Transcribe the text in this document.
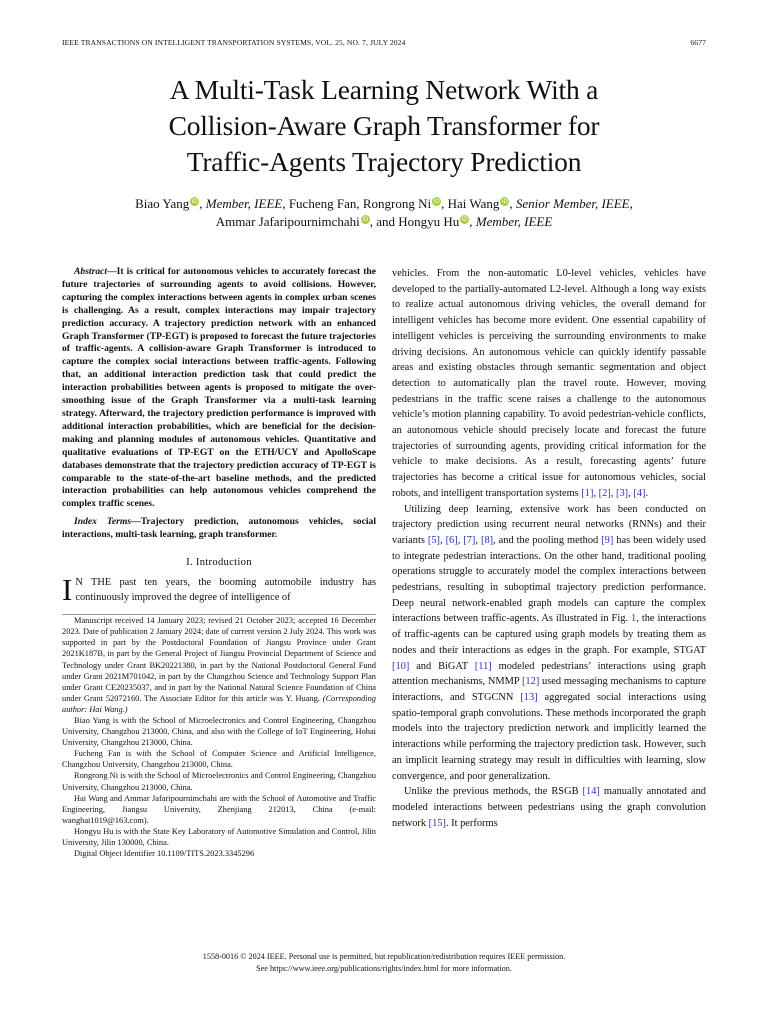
IEEE TRANSACTIONS ON INTELLIGENT TRANSPORTATION SYSTEMS, VOL. 25, NO. 7, JULY 2024	6677
A Multi-Task Learning Network With a
Collision-Aware Graph Transformer for
Traffic-Agents Trajectory Prediction
Biao Yang iD, Member, IEEE, Fucheng Fan, Rongrong Ni iD, Hai Wang iD, Senior Member, IEEE,
Ammar Jafaripournimchahi iD, and Hongyu Hu iD, Member, IEEE

Abstract—It is critical for autonomous vehicles to accurately forecast the future trajectories of surrounding agents to avoid collisions. However, capturing the complex interactions between agents in complex urban scenes is challenging. As a result, complex interactions may impair trajectory prediction accuracy. A trajectory prediction network with an enhanced Graph Transformer (TP-EGT) is proposed to forecast the future trajectories of traffic-agents. A collision-aware Graph Transformer is introduced to capture the complex social interactions between traffic-agents. Following that, an additional interaction prediction task that could predict the interaction probabilities between agents is proposed to mitigate the over-smoothing issue of the Graph Transformer via a multi-task learning strategy. Afterward, the trajectory prediction performance is improved with additional interaction probabilities, which are beneficial for the decision-making and planning modules of autonomous vehicles. Quantitative and qualitative evaluations of TP-EGT on the ETH/UCY and ApolloScape databases demonstrate that the trajectory prediction accuracy of TP-EGT is comparable to the state-of-the-art baseline methods, and the predicted interaction probabilities can help autonomous vehicles comprehend the complex traffic scenes.

Index Terms—Trajectory prediction, autonomous vehicles, social interactions, multi-task learning, graph transformer.

I. Introduction

I N THE past ten years, the booming automobile industry has continuously improved the degree of intelligence of

Manuscript received 14 January 2023; revised 21 October 2023; accepted 16 December 2023. Date of publication 2 January 2024; date of current version 2 July 2024. This work was supported in part by the Postdoctoral Foundation of Jiangsu Province under Grant 2021K187B, in part by the General Project of Jiangsu Provincial Department of Science and Technology under Grant BK20221380, in part by the National Postdoctoral General Fund under Grant 2021M701042, in part by the Changzhou Science and Technology Support Plan under Grant CE20235037, and in part by the National Natural Science Foundation of China under Grant 52072160. The Associate Editor for this article was Y. Huang. (Corresponding author: Hai Wang.)

Biao Yang is with the School of Microelectronics and Control Engineering, Changzhou University, Changzhou 213000, China, and also with the College of IoT Engineering, Hohai University, Changzhou 213000, China.

Fucheng Fan is with the School of Computer Science and Artificial Intelligence, Changzhou University, Changzhou 213000, China.

Rongrong Ni is with the School of Microelectronics and Control Engineering, Changzhou University, Changzhou 213000, China.

Hai Wang and Ammar Jafaripournimchahi are with the School of Automotive and Traffic Engineering, Jiangsu University, Zhenjiang 212013, China (e-mail: wanghai1019@163.com).

Hongyu Hu is with the State Key Laboratory of Automotive Simulation and Control, Jilin University, Jilin 130000, China.

Digital Object Identifier 10.1109/TITS.2023.3345296

vehicles. From the non-automatic L0-level vehicles, vehicles have developed to the partially-automated L2-level. Although a long way exists to realize actual autonomous driving vehicles, the overall demand for intelligent vehicles has become more evident. One essential capability of intelligent vehicles is perceiving the surrounding environments to make driving decisions. An autonomous vehicle can quickly identify passable areas and existing obstacles through semantic segmentation and object detection to automatically plan the travel route. However, moving pedestrians in the traffic scene raises a challenge to the autonomous vehicle’s motion planning capability. To avoid pedestrian-vehicle conflicts, an autonomous vehicle should precisely locate and forecast the future trajectories of surrounding agents, providing critical information for the vehicle to make decisions. As a result, forecasting agents’ future trajectories has become a critical issue for autonomous vehicles, social robots, and intelligent transportation systems [1], [2], [3], [4].

Utilizing deep learning, extensive work has been conducted on trajectory prediction using recurrent neural networks (RNNs) and their variants [5], [6], [7], [8], and the pooling method [9] has been widely used to integrate pedestrian interactions. On the other hand, traditional pooling operations struggle to accurately model the complex interactions between pedestrians, resulting in suboptimal trajectory prediction performance. Deep neural network-enabled graph models can capture the complex interactions between traffic-agents. As illustrated in Fig. 1, the interactions of traffic-agents can be captured using graph models by treating them as nodes and their interactions as edges in the graph. For example, STGAT [10] and BiGAT [11] modeled pedestrians’ interactions using graph attention mechanisms, NMMP [12] used messaging mechanisms to capture interactions, and STGCNN [13] aggregated social interactions using spatio-temporal graph convolutions. These methods incorporated the graph models into the trajectory prediction network and implicitly learned the interactions while performing the trajectory prediction task. However, such an implicit learning strategy may result in difficulties with learning, slow convergence, and poor generalization.

Unlike the previous methods, the RSGB [14] manually annotated and modeled interactions between pedestrians using the graph convolution network [15]. It performs

1558-0016 © 2024 IEEE. Personal use is permitted, but republication/redistribution requires IEEE permission.
See https://www.ieee.org/publications/rights/index.html for more information.
